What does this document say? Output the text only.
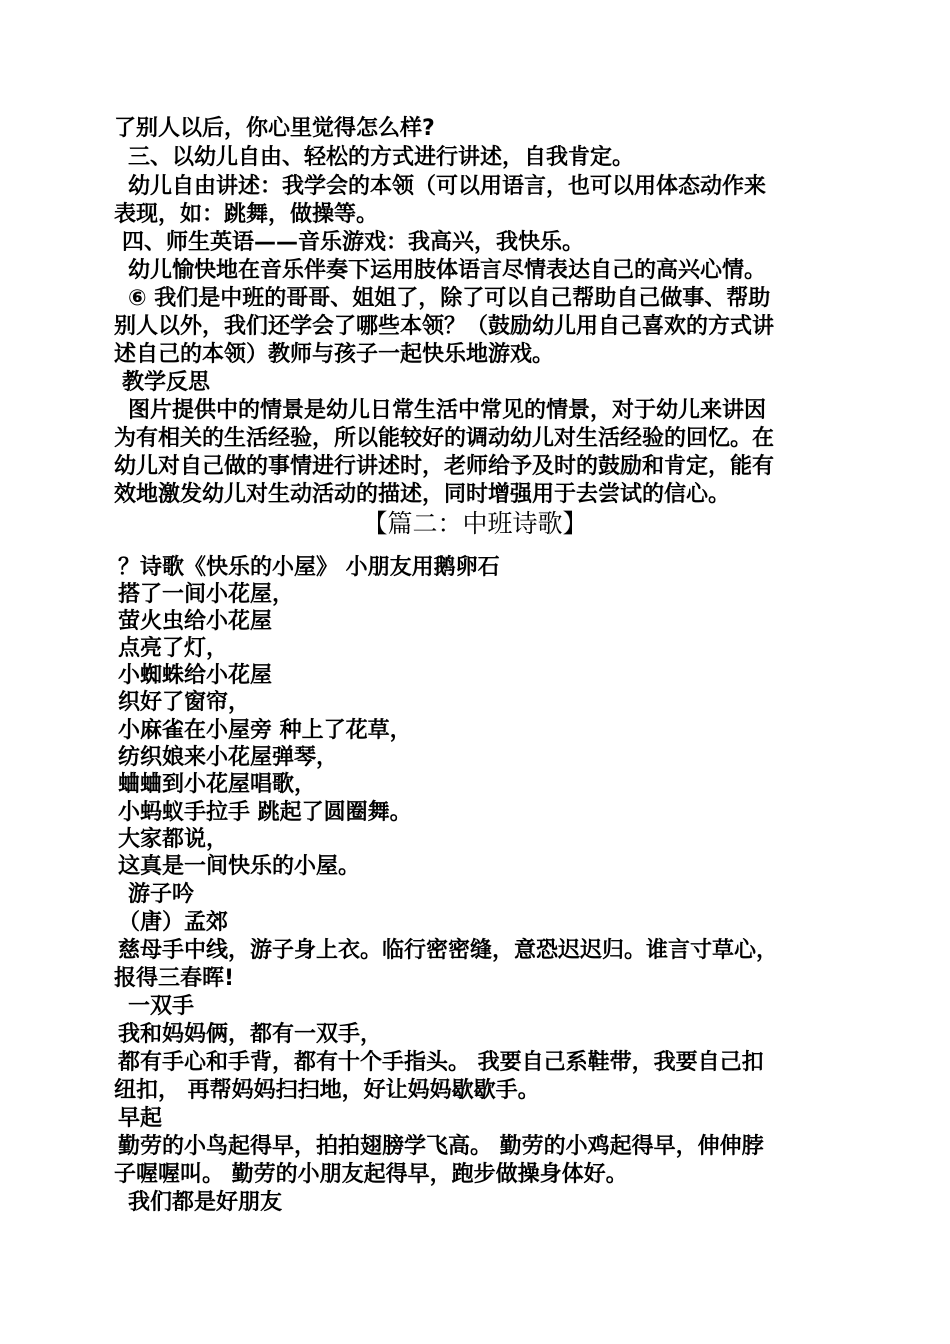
了别人以后，你心里觉得怎么样?
三、以幼儿自由、轻松的方式进行讲述，自我肯定。
幼儿自由讲述：我学会的本领（可以用语言，也可以用体态动作来
表现，如：跳舞，做操等。
四、师生英语——音乐游戏：我高兴，我快乐。
幼儿愉快地在音乐伴奏下运用肢体语言尽情表达自己的高兴心情。
⑥ 我们是中班的哥哥、姐姐了，除了可以自己帮助自己做事、帮助
别人以外，我们还学会了哪些本领？（鼓励幼儿用自己喜欢的方式讲
述自己的本领）教师与孩子一起快乐地游戏。
教学反思
图片提供中的情景是幼儿日常生活中常见的情景，对于幼儿来讲因
为有相关的生活经验，所以能较好的调动幼儿对生活经验的回忆。在
幼儿对自己做的事情进行讲述时，老师给予及时的鼓励和肯定，能有
效地激发幼儿对生动活动的描述，同时增强用于去尝试的信心。
【篇二：中班诗歌】
？诗歌《快乐的小屋》 小朋友用鹅卵石
搭了一间小花屋，
萤火虫给小花屋
点亮了灯，
小蜘蛛给小花屋
织好了窗帘，
小麻雀在小屋旁 种上了花草，
纺织娘来小花屋弹琴，
蛐蛐到小花屋唱歌，
小蚂蚁手拉手 跳起了圆圈舞。
大家都说，
这真是一间快乐的小屋。
游子吟
（唐）孟郊
慈母手中线，游子身上衣。临行密密缝，意恐迟迟归。谁言寸草心，
报得三春晖!
一双手
我和妈妈俩，都有一双手，
都有手心和手背，都有十个手指头。 我要自己系鞋带，我要自己扣
纽扣， 再帮妈妈扫扫地，好让妈妈歇歇手。
早起
勤劳的小鸟起得早，拍拍翅膀学飞高。 勤劳的小鸡起得早，伸伸脖
子喔喔叫。 勤劳的小朋友起得早，跑步做操身体好。
我们都是好朋友
